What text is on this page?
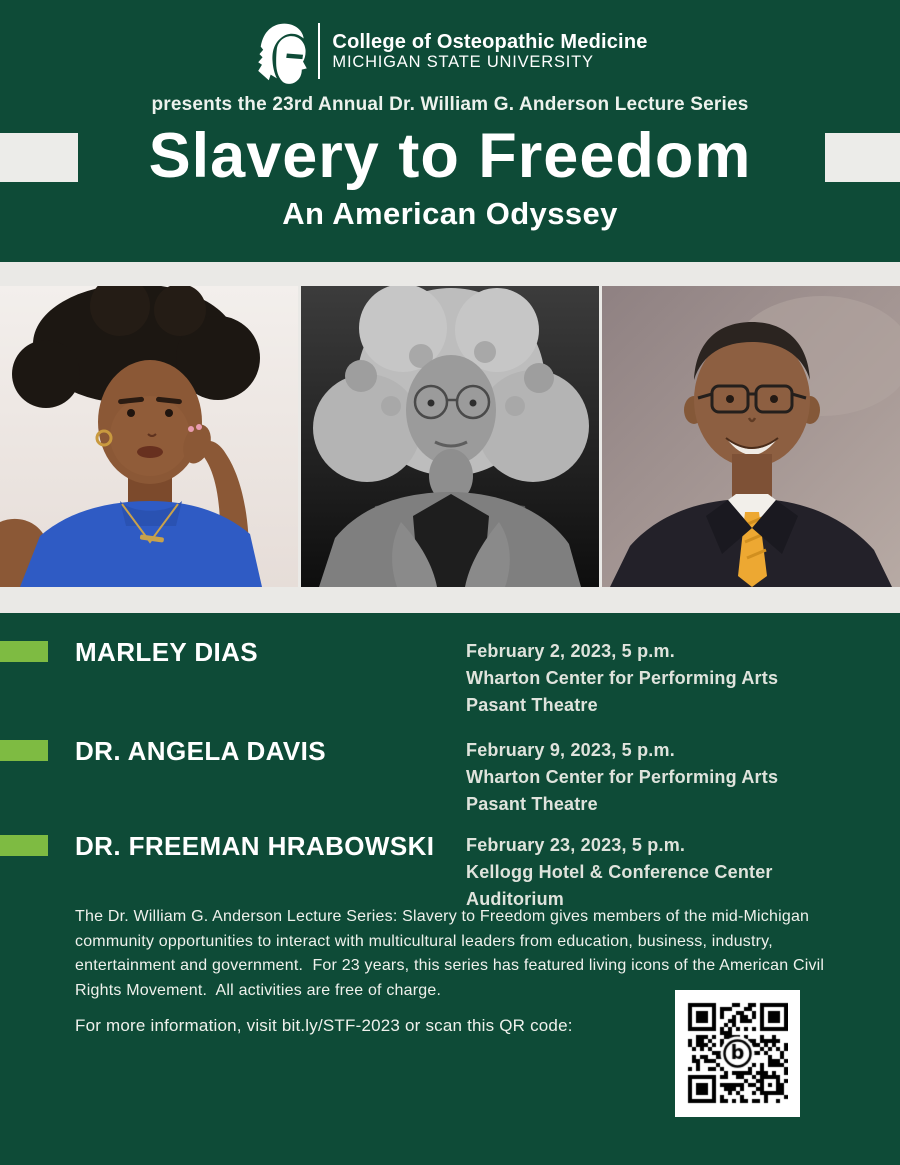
College of Osteopathic Medicine
MICHIGAN STATE UNIVERSITY
presents the 23rd Annual Dr. William G. Anderson Lecture Series
Slavery to Freedom
An American Odyssey
MARLEY DIAS	February 2, 2023, 5 p.m.
Wharton Center for Performing Arts
Pasant Theatre
DR. ANGELA DAVIS	February 9, 2023, 5 p.m.
Wharton Center for Performing Arts
Pasant Theatre
DR. FREEMAN HRABOWSKI	February 23, 2023, 5 p.m.
Kellogg Hotel & Conference Center
Auditorium

The Dr. William G. Anderson Lecture Series: Slavery to Freedom gives members of the mid-Michigan community opportunities to interact with multicultural leaders from education, business, industry, entertainment and government.  For 23 years, this series has featured living icons of the American Civil Rights Movement.  All activities are free of charge.

For more information, visit bit.ly/STF-2023 or scan this QR code:
